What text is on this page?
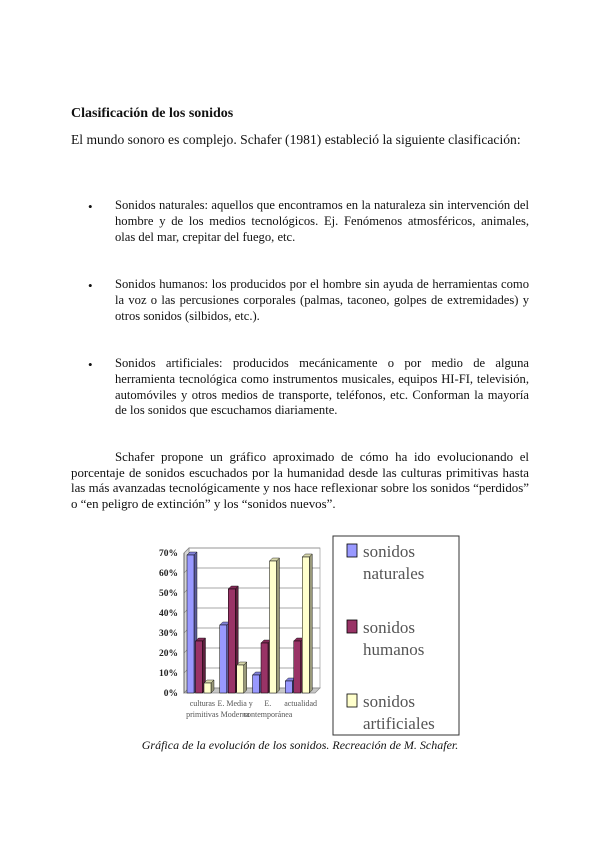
Clasificación de los sonidos

El mundo sonoro es complejo. Schafer (1981) estableció la siguiente clasificación:

• Sonidos naturales: aquellos que encontramos en la naturaleza sin intervención del hombre y de los medios tecnológicos. Ej. Fenómenos atmosféricos, animales, olas del mar, crepitar del fuego, etc.

• Sonidos humanos: los producidos por el hombre sin ayuda de herramientas como la voz o las percusiones corporales (palmas, taconeo, golpes de extremidades) y otros sonidos (silbidos, etc.).

• Sonidos artificiales: producidos mecánicamente o por medio de alguna herramienta tecnológica como instrumentos musicales, equipos HI-FI, televisión, automóviles y otros medios de transporte, teléfonos, etc. Conforman la mayoría de los sonidos que escuchamos diariamente.

Schafer propone un gráfico aproximado de cómo ha ido evolucionando el porcentaje de sonidos escuchados por la humanidad desde las culturas primitivas hasta las más avanzadas tecnológicamente y nos hace reflexionar sobre los sonidos “perdidos” o “en peligro de extinción” y los “sonidos nuevos”.

0%
10%
20%
30%
40%
50%
60%
70%
culturas
primitivas
E. Media y
Moderna
E.
contemporánea
actualidad
sonidos
naturales
sonidos
humanos
sonidos
artificiales
Gráfica de la evolución de los sonidos. Recreación de M. Schafer.
